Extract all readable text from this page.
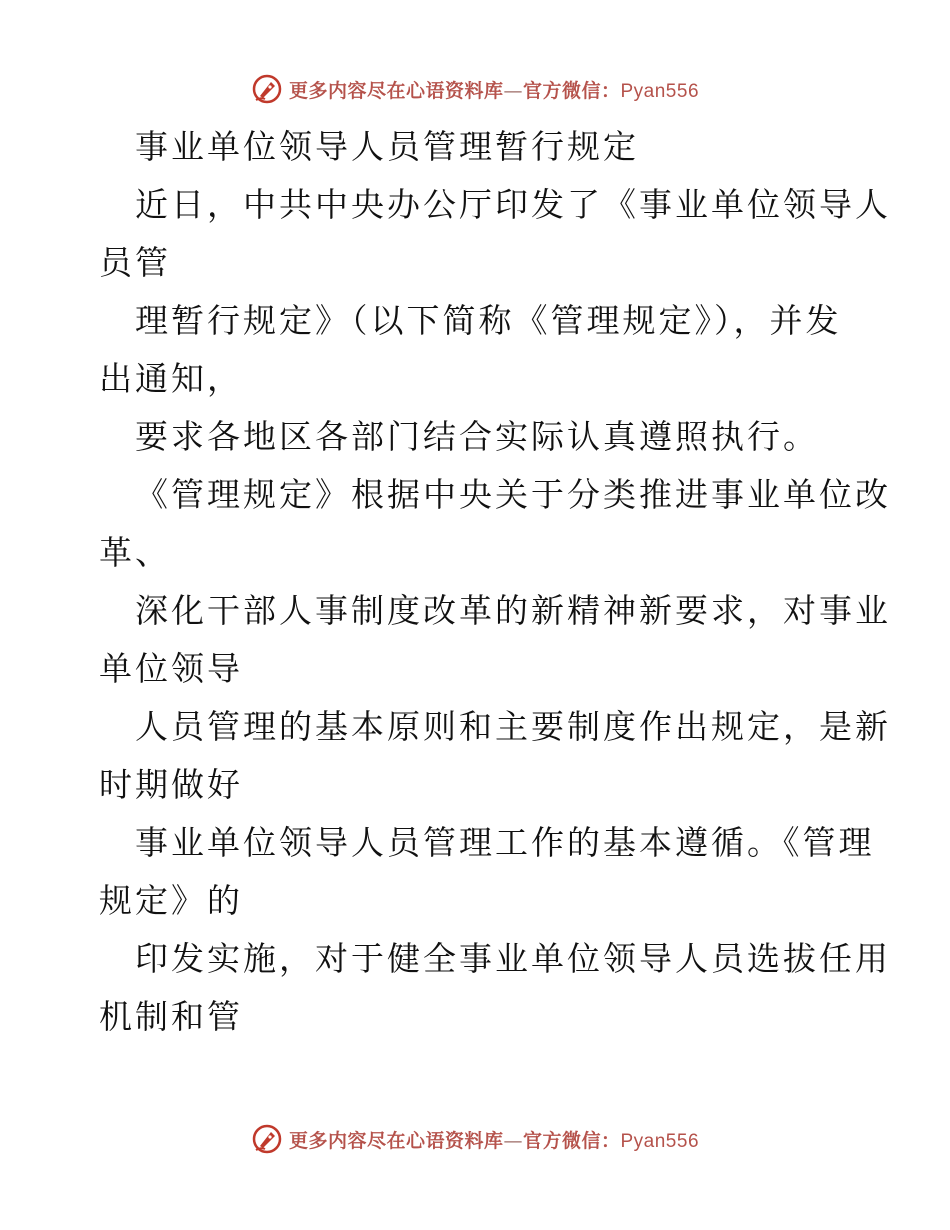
更多内容尽在心语资料库—官方微信：Pyan556

事业单位领导人员管理暂行规定

近日，中共中央办公厅印发了《事业单位领导人

员管

理暂行规定》（以下简称《管理规定》），并发

出通知，

要求各地区各部门结合实际认真遵照执行。

《管理规定》根据中央关于分类推进事业单位改

革、

深化干部人事制度改革的新精神新要求，对事业

单位领导

人员管理的基本原则和主要制度作出规定，是新

时期做好

事业单位领导人员管理工作的基本遵循。《管理

规定》的

印发实施，对于健全事业单位领导人员选拔任用

机制和管

更多内容尽在心语资料库—官方微信：Pyan556
